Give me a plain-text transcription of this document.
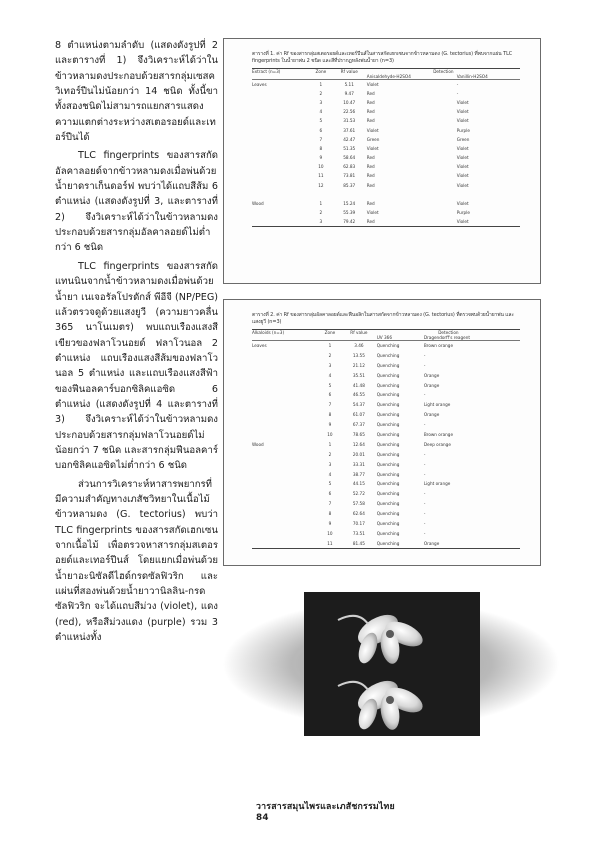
8 ตำแหน่งตามลำดับ (แสดงดังรูปที่ 2 และตารางที่ 1) จึงวิเคราะห์ได้ว่าในข้าวหลามดงประกอบด้วยสารกลุ่มเซสควิเทอร์ปีนไม่น้อยกว่า 14 ชนิด ทั้งนี้ขาทั้งสองชนิดไม่สามารถแยกสารแสดงความแตกต่างระหว่างสเตอรอยด์และเทอร์ปีนได้

TLC fingerprints ของสารสกัดอัลคาลอยด์จากข้าวหลามดงเมื่อพ่นด้วยน้ำยาดราเก็นดอร์ฟ พบว่าได้แถบสีส้ม 6 ตำแหน่ง (แสดงดังรูปที่ 3, และตารางที่ 2) จึงวิเคราะห์ได้ว่าในข้าวหลามดงประกอบด้วยสารกลุ่มอัลคาลอยด์ไม่ต่ำกว่า 6 ชนิด

TLC fingerprints ของสารสกัดแทนนินจากน้ำข้าวหลามดงเมื่อพ่นด้วยน้ำยา เนเจอรัลโปรดักส์ พีอีจี (NP/PEG) แล้วตรวจดูด้วยแสงยูวี (ความยาวคลื่น 365 นาโนเมตร) พบแถบเรืองแสงสีเขียวของฟลาโวนอยด์ ฟลาโวนอล 2 ตำแหน่ง แถบเรืองแสงสีส้มของฟลาโวนอล 5 ตำแหน่ง และแถบเรืองแสงสีฟ้าของฟีนอลคาร์บอกซิลิคแอซิด 6 ตำแหน่ง (แสดงดังรูปที่ 4 และตารางที่ 3) จึงวิเคราะห์ได้ว่าในข้าวหลามดงประกอบด้วยสารกลุ่มฟลาโวนอยด์ไม่น้อยกว่า 7 ชนิด และสารกลุ่มฟีนอลคาร์บอกซิลิคแอซิดไม่ต่ำกว่า 6 ชนิด

ส่วนการวิเคราะห์หาสารพยากรที่มีความสำคัญทางเภสัชวิทยาในเนื้อไม้ข้าวหลามดง (G. tectorius) พบว่า TLC fingerprints ของสารสกัดเฮกเซนจากเนื้อไม้ เพื่อตรวจหาสารกลุ่มสเตอรอยด์และเทอร์ปีนส์ โดยแยกเมื่อพ่นด้วยน้ำยาอะนิซัลดีไฮด์กรดซัลฟิวริก และแผ่นที่สองพ่นด้วยน้ำยาวานิลลิน-กรดซัลฟิวริก จะได้แถบสีม่วง (violet), แดง (red), หรือสีม่วงแดง (purple) รวม 3 ตำแหน่งทั้ง

ตารางที่ 1. ค่า Rf ของสารกลุ่มสเตอรอยด์และเทอร์ปีนส์ในสารสกัดเฮกเซนจากข้าวหลามดง (G. tectorius) ที่พบจากแผ่น TLC fingerprints ในน้ำยาพ่น 2 ชนิด และสีที่ปรากฏหลังพ่นน้ำยา (n=3)

Extract (n=3)	Zone	Rf value	Detection	
			Anisaldehyde-H2SO4	Vanillin-H2SO4
Leaves	1	5.11	Violet	-
	2	9.47	Red	-
	3	10.47	Red	Violet
	4	22.56	Red	Violet
	5	31.53	Red	Violet
	6	37.61	Violet	Purple
	7	42.47	Green	Green
	8	51.35	Violet	Violet
	9	58.64	Red	Violet
	10	62.83	Red	Violet
	11	73.81	Red	Violet
	12	85.37	Red	Violet

Wood	1	15.24	Red	Violet
	2	55.39	Violet	Purple
	3	79.42	Red	Violet

ตารางที่ 2. ค่า Rf ของสารกลุ่มอัลคาลอยด์และฟีนอลิกในสารสกัดจากข้าวหลามดง (G. tectorius) ที่ตรวจพบด้วยน้ำยาพ่น และแสงยูวี (n=3)

Alkaloids (n=3)	Zone	Rf value	Detection	
			UV 366	Dragendorff's reagent
Leaves	1	3.46	Quenching	Brown orange
	2	13.55	Quenching	-
	3	21.12	Quenching	-
	4	35.51	Quenching	Orange
	5	41.48	Quenching	Orange
	6	46.55	Quenching	-
	7	54.37	Quenching	Light orange
	8	61.07	Quenching	Orange
	9	67.37	Quenching	-
	10	78.65	Quenching	Brown orange
Wood	1	12.64	Quenching	Deep orange
	2	20.01	Quenching	-
	3	33.31	Quenching	-
	4	38.77	Quenching	-
	5	44.15	Quenching	Light orange
	6	52.72	Quenching	-
	7	57.58	Quenching	-
	8	62.64	Quenching	-
	9	70.17	Quenching	-
	10	73.51	Quenching	-
	11	81.45	Quenching	Orange
วารสารสมุนไพรและเภสัชกรรมไทย 84
